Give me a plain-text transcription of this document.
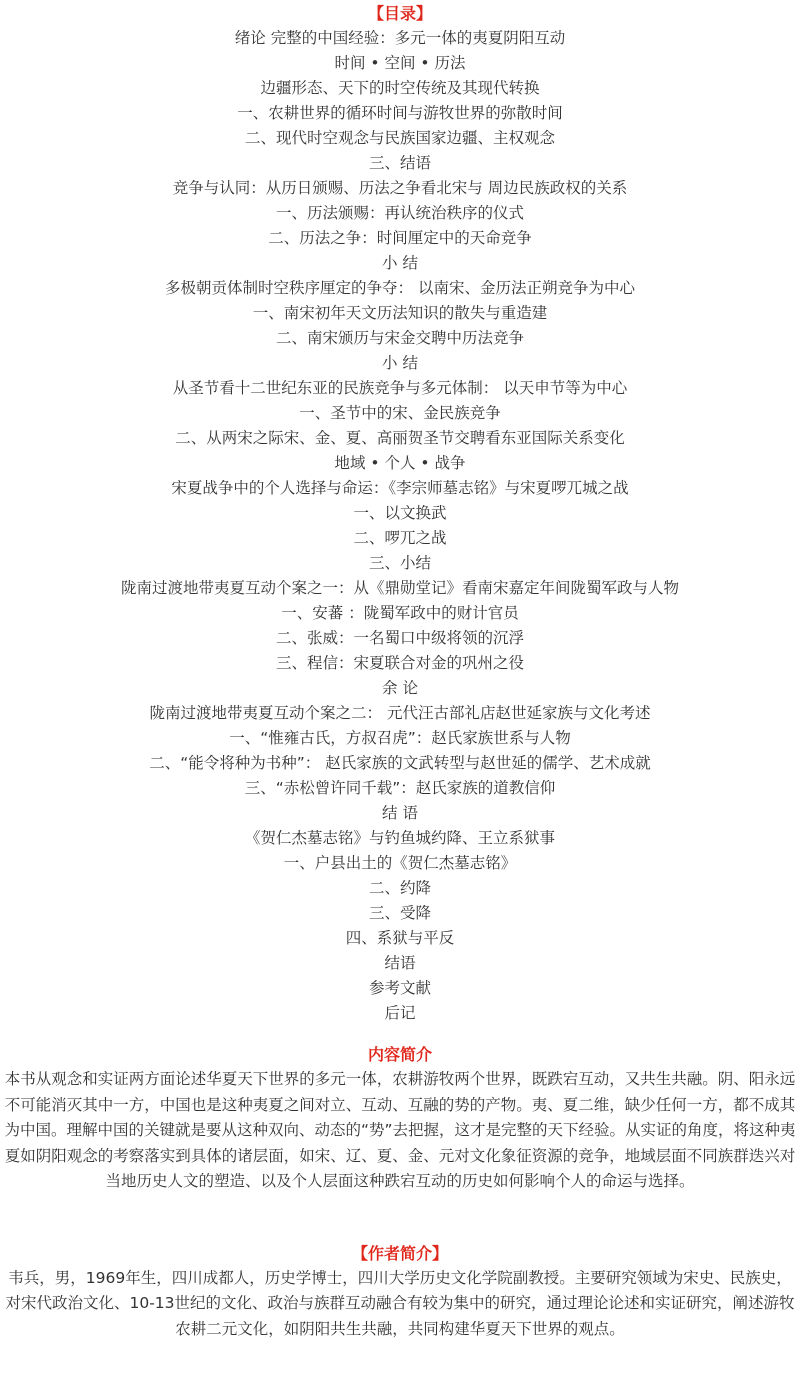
【目录】
绪论 完整的中国经验：多元一体的夷夏阴阳互动
时间 • 空间 • 历法
边疆形态、天下的时空传统及其现代转换
一、农耕世界的循环时间与游牧世界的弥散时间
二、现代时空观念与民族国家边疆、主权观念
三、结语
竞争与认同：从历日颁赐、历法之争看北宋与 周边民族政权的关系
一、历法颁赐：再认统治秩序的仪式
二、历法之争：时间厘定中的天命竞争
小 结
多极朝贡体制时空秩序厘定的争夺： 以南宋、金历法正朔竞争为中心
一、南宋初年天文历法知识的散失与重造建
二、南宋颁历与宋金交聘中历法竞争
小 结
从圣节看十二世纪东亚的民族竞争与多元体制： 以天申节等为中心
一、圣节中的宋、金民族竞争
二、从两宋之际宋、金、夏、高丽贺圣节交聘看东亚国际关系变化
地域 • 个人 • 战争
宋夏战争中的个人选择与命运：《李宗师墓志铭》与宋夏啰兀城之战
一、以文换武
二、啰兀之战
三、小结
陇南过渡地带夷夏互动个案之一：从《鼎勋堂记》看南宋嘉定年间陇蜀军政与人物
一、安蕃 ：陇蜀军政中的财计官员
二、张威：一名蜀口中级将领的沉浮
三、程信：宋夏联合对金的巩州之役
余 论
陇南过渡地带夷夏互动个案之二： 元代汪古部礼店赵世延家族与文化考述
一、“惟雍古氏，方叔召虎”：赵氏家族世系与人物
二、“能令将种为书种”： 赵氏家族的文武转型与赵世延的儒学、艺术成就
三、“赤松曾许同千载”：赵氏家族的道教信仰
结 语
《贺仁杰墓志铭》与钓鱼城约降、王立系狱事
一、户县出土的《贺仁杰墓志铭》
二、约降
三、受降
四、系狱与平反
结语
参考文献
后记
内容简介

本书从观念和实证两方面论述华夏天下世界的多元一体，农耕游牧两个世界，既跌宕互动，又共生共融。阴、阳永远不可能消灭其中一方，中国也是这种夷夏之间对立、互动、互融的势的产物。夷、夏二维，缺少任何一方，都不成其为中国。理解中国的关键就是要从这种双向、动态的“势”去把握，这才是完整的天下经验。从实证的角度，将这种夷夏如阴阳观念的考察落实到具体的诸层面，如宋、辽、夏、金、元对文化象征资源的竞争，地域层面不同族群迭兴对当地历史人文的塑造、以及个人层面这种跌宕互动的历史如何影响个人的命运与选择。

【作者简介】

韦兵，男，1969年生，四川成都人，历史学博士，四川大学历史文化学院副教授。主要研究领域为宋史、民族史，对宋代政治文化、10-13世纪的文化、政治与族群互动融合有较为集中的研究，通过理论论述和实证研究，阐述游牧农耕二元文化，如阴阳共生共融，共同构建华夏天下世界的观点。
